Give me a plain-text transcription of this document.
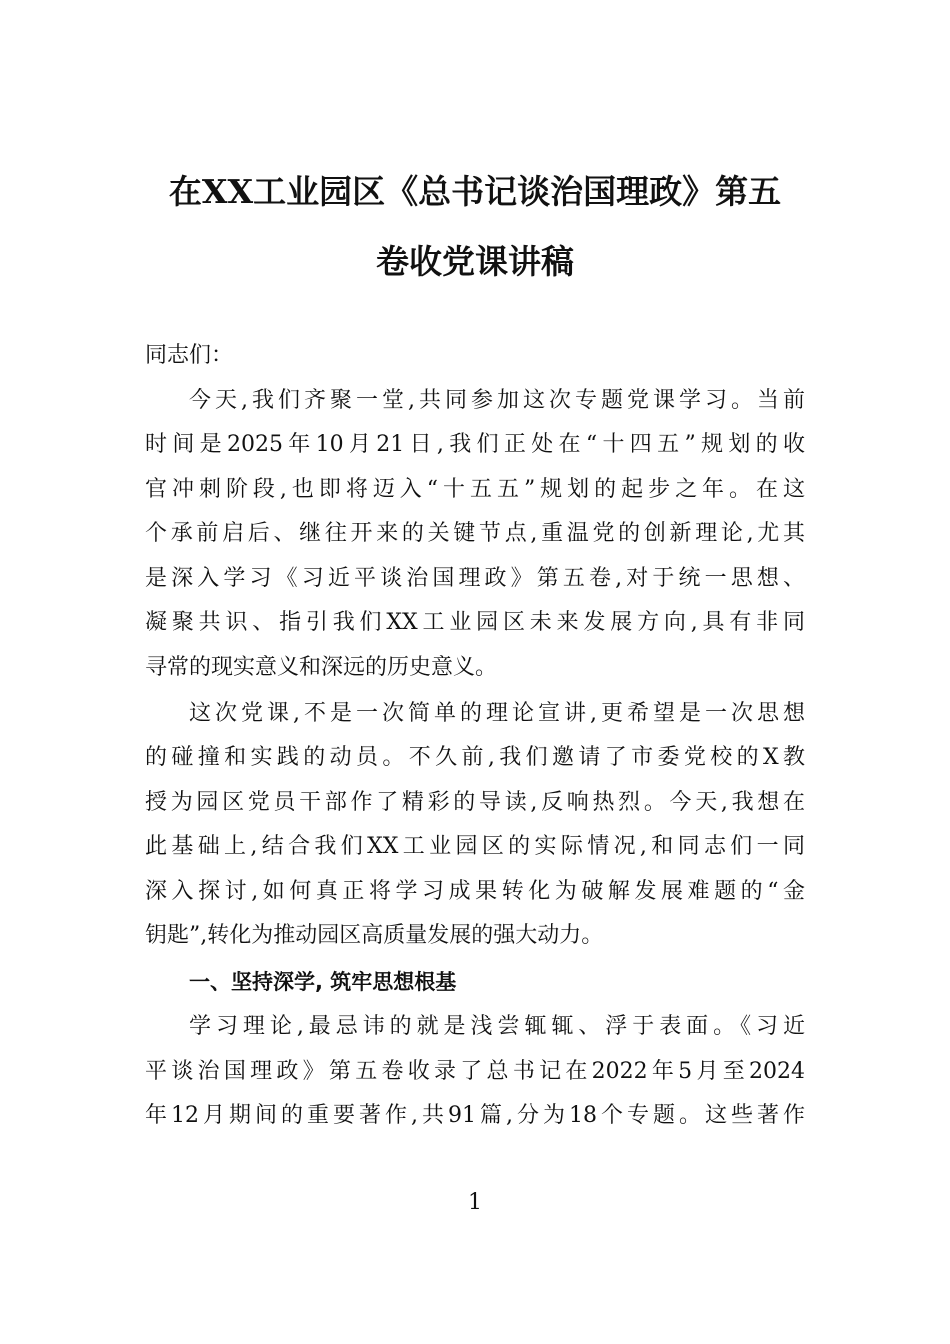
在XX工业园区《总书记谈治国理政》第五
卷收党课讲稿
同志们：
今天,我们齐聚一堂,共同参加这次专题党课学习。当前
时间是2025年10月21日,我们正处在“十四五”规划的收
官冲刺阶段,也即将迈入“十五五”规划的起步之年。在这
个承前启后、继往开来的关键节点,重温党的创新理论,尤其
是深入学习《习近平谈治国理政》第五卷,对于统一思想、
凝聚共识、指引我们XX工业园区未来发展方向,具有非同
寻常的现实意义和深远的历史意义。
这次党课,不是一次简单的理论宣讲,更希望是一次思想
的碰撞和实践的动员。不久前,我们邀请了市委党校的X教
授为园区党员干部作了精彩的导读,反响热烈。今天,我想在
此基础上,结合我们XX工业园区的实际情况,和同志们一同
深入探讨,如何真正将学习成果转化为破解发展难题的“金
钥匙”,转化为推动园区高质量发展的强大动力。
一、坚持深学, 筑牢思想根基
学习理论,最忌讳的就是浅尝辄辄、浮于表面。《习近
平谈治国理政》第五卷收录了总书记在2022年5月至2024
年12月期间的重要著作,共91篇,分为18个专题。这些著作
1
